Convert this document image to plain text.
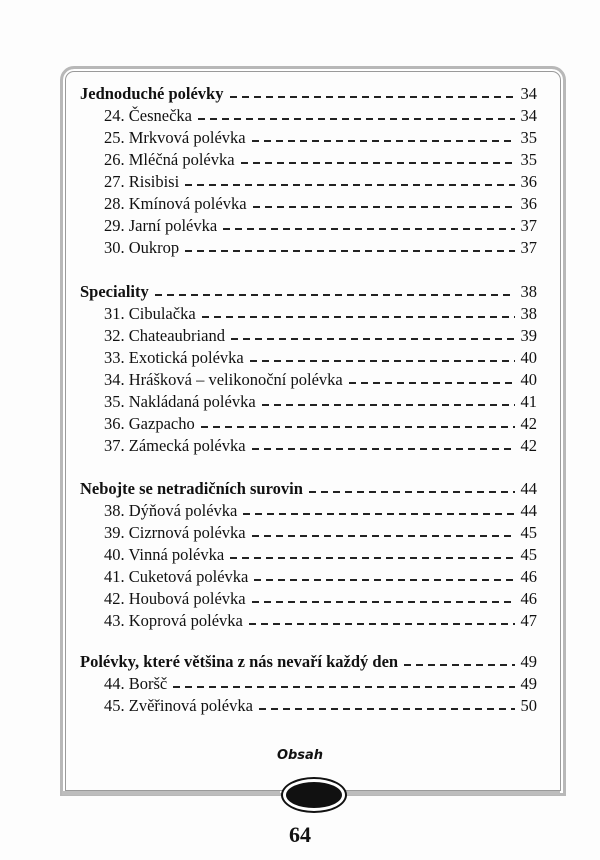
Jednoduché polévky	34
24. Česnečka	34
25. Mrkvová polévka	35
26. Mléčná polévka	35
27. Risibisi	36
28. Kmínová polévka	36
29. Jarní polévka	37
30. Oukrop	37
Speciality	38
31. Cibulačka	38
32. Chateaubriand	39
33. Exotická polévka	40
34. Hrášková – velikonoční polévka	40
35. Nakládaná polévka	41
36. Gazpacho	42
37. Zámecká polévka	42
Nebojte se netradičních surovin	44
38. Dýňová polévka	44
39. Cizrnová polévka	45
40. Vinná polévka	45
41. Cuketová polévka	46
42. Houbová polévka	46
43. Koprová polévka	47
Polévky, které většina z nás nevaří každý den	49
44. Boršč	49
45. Zvěřinová polévka	50
Obsah
64
